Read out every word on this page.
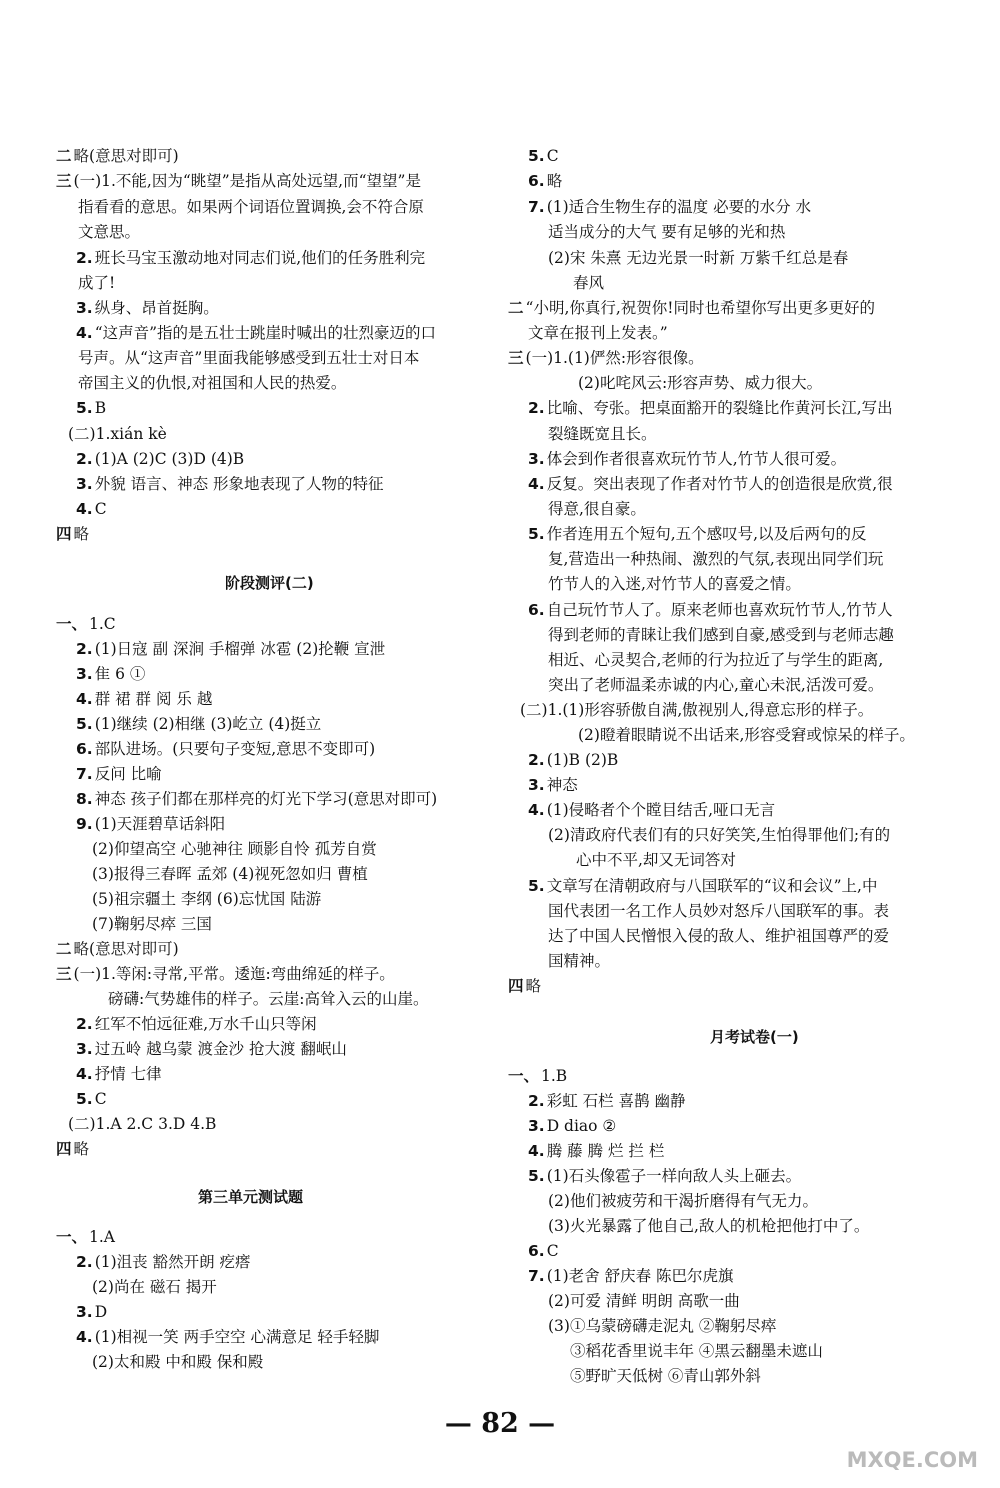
二 略(意思对即可)
三 (一)1.不能,因为“眺望”是指从高处远望,而“望望”是
指看看的意思。如果两个词语位置调换,会不符合原
文意思。
2. 班长马宝玉激动地对同志们说,他们的任务胜利完
成了!
3. 纵身、昂首挺胸。
4. “这声音”指的是五壮士跳崖时喊出的壮烈豪迈的口
号声。从“这声音”里面我能够感受到五壮士对日本
帝国主义的仇恨,对祖国和人民的热爱。
5. B
(二)1.xián kè
2. (1)A (2)C (3)D (4)B
3. 外貌 语言、神态 形象地表现了人物的特征
4. C
四 略
一、 1.C
2. (1)日寇 副 深涧 手榴弹 冰雹 (2)抡鞭 宣泄
3. 隹 6 ①
4. 群 裙 群 阅 乐 越
5. (1)继续 (2)相继 (3)屹立 (4)挺立
6. 部队进场。(只要句子变短,意思不变即可)
7. 反问 比喻
8. 神态 孩子们都在那样亮的灯光下学习(意思对即可)
9. (1)天涯碧草话斜阳
(2)仰望高空 心驰神往 顾影自怜 孤芳自赏
(3)报得三春晖 孟郊 (4)视死忽如归 曹植
(5)祖宗疆土 李纲 (6)忘忧国 陆游
(7)鞠躬尽瘁 三国
二 略(意思对即可)
三 (一)1.等闲:寻常,平常。逶迤:弯曲绵延的样子。
磅礴:气势雄伟的样子。云崖:高耸入云的山崖。
2. 红军不怕远征难,万水千山只等闲
3. 过五岭 越乌蒙 渡金沙 抢大渡 翻岷山
4. 抒情 七律
5. C
(二)1.A 2.C 3.D 4.B
四 略
一、 1.A
2. (1)沮丧 豁然开朗 疙瘩
(2)尚在 磁石 揭开
3. D
4. (1)相视一笑 两手空空 心满意足 轻手轻脚
(2)太和殿 中和殿 保和殿
5. C
6. 略
7. (1)适合生物生存的温度 必要的水分 水
适当成分的大气 要有足够的光和热
(2)宋 朱熹 无边光景一时新 万紫千红总是春
春风
二 “小明,你真行,祝贺你!同时也希望你写出更多更好的
文章在报刊上发表。”
三 (一)1.(1)俨然:形容很像。
(2)叱咤风云:形容声势、威力很大。
2. 比喻、夸张。把桌面豁开的裂缝比作黄河长江,写出
裂缝既宽且长。
3. 体会到作者很喜欢玩竹节人,竹节人很可爱。
4. 反复。突出表现了作者对竹节人的创造很是欣赏,很
得意,很自豪。
5. 作者连用五个短句,五个感叹号,以及后两句的反
复,营造出一种热闹、激烈的气氛,表现出同学们玩
竹节人的入迷,对竹节人的喜爱之情。
6. 自己玩竹节人了。原来老师也喜欢玩竹节人,竹节人
得到老师的青睐让我们感到自豪,感受到与老师志趣
相近、心灵契合,老师的行为拉近了与学生的距离,
突出了老师温柔赤诚的内心,童心未泯,活泼可爱。
(二)1.(1)形容骄傲自满,傲视别人,得意忘形的样子。
(2)瞪着眼睛说不出话来,形容受窘或惊呆的样子。
2. (1)B (2)B
3. 神态
4. (1)侵略者个个瞠目结舌,哑口无言
(2)清政府代表们有的只好笑笑,生怕得罪他们;有的
心中不平,却又无词答对
5. 文章写在清朝政府与八国联军的“议和会议”上,中
国代表团一名工作人员妙对怒斥八国联军的事。表
达了中国人民憎恨入侵的敌人、维护祖国尊严的爱
国精神。
四 略
一、 1.B
2. 彩虹 石栏 喜鹊 幽静
3. D diao ②
4. 腾 藤 腾 烂 拦 栏
5. (1)石头像雹子一样向敌人头上砸去。
(2)他们被疲劳和干渴折磨得有气无力。
(3)火光暴露了他自己,敌人的机枪把他打中了。
6. C
7. (1)老舍 舒庆春 陈巴尔虎旗
(2)可爱 清鲜 明朗 高歌一曲
(3)①乌蒙磅礴走泥丸 ②鞠躬尽瘁
③稻花香里说丰年 ④黑云翻墨未遮山
⑤野旷天低树 ⑥青山郭外斜
阶段测评(二)
第三单元测试题
月考试卷(一)
— 82 —
MXQE.COM
